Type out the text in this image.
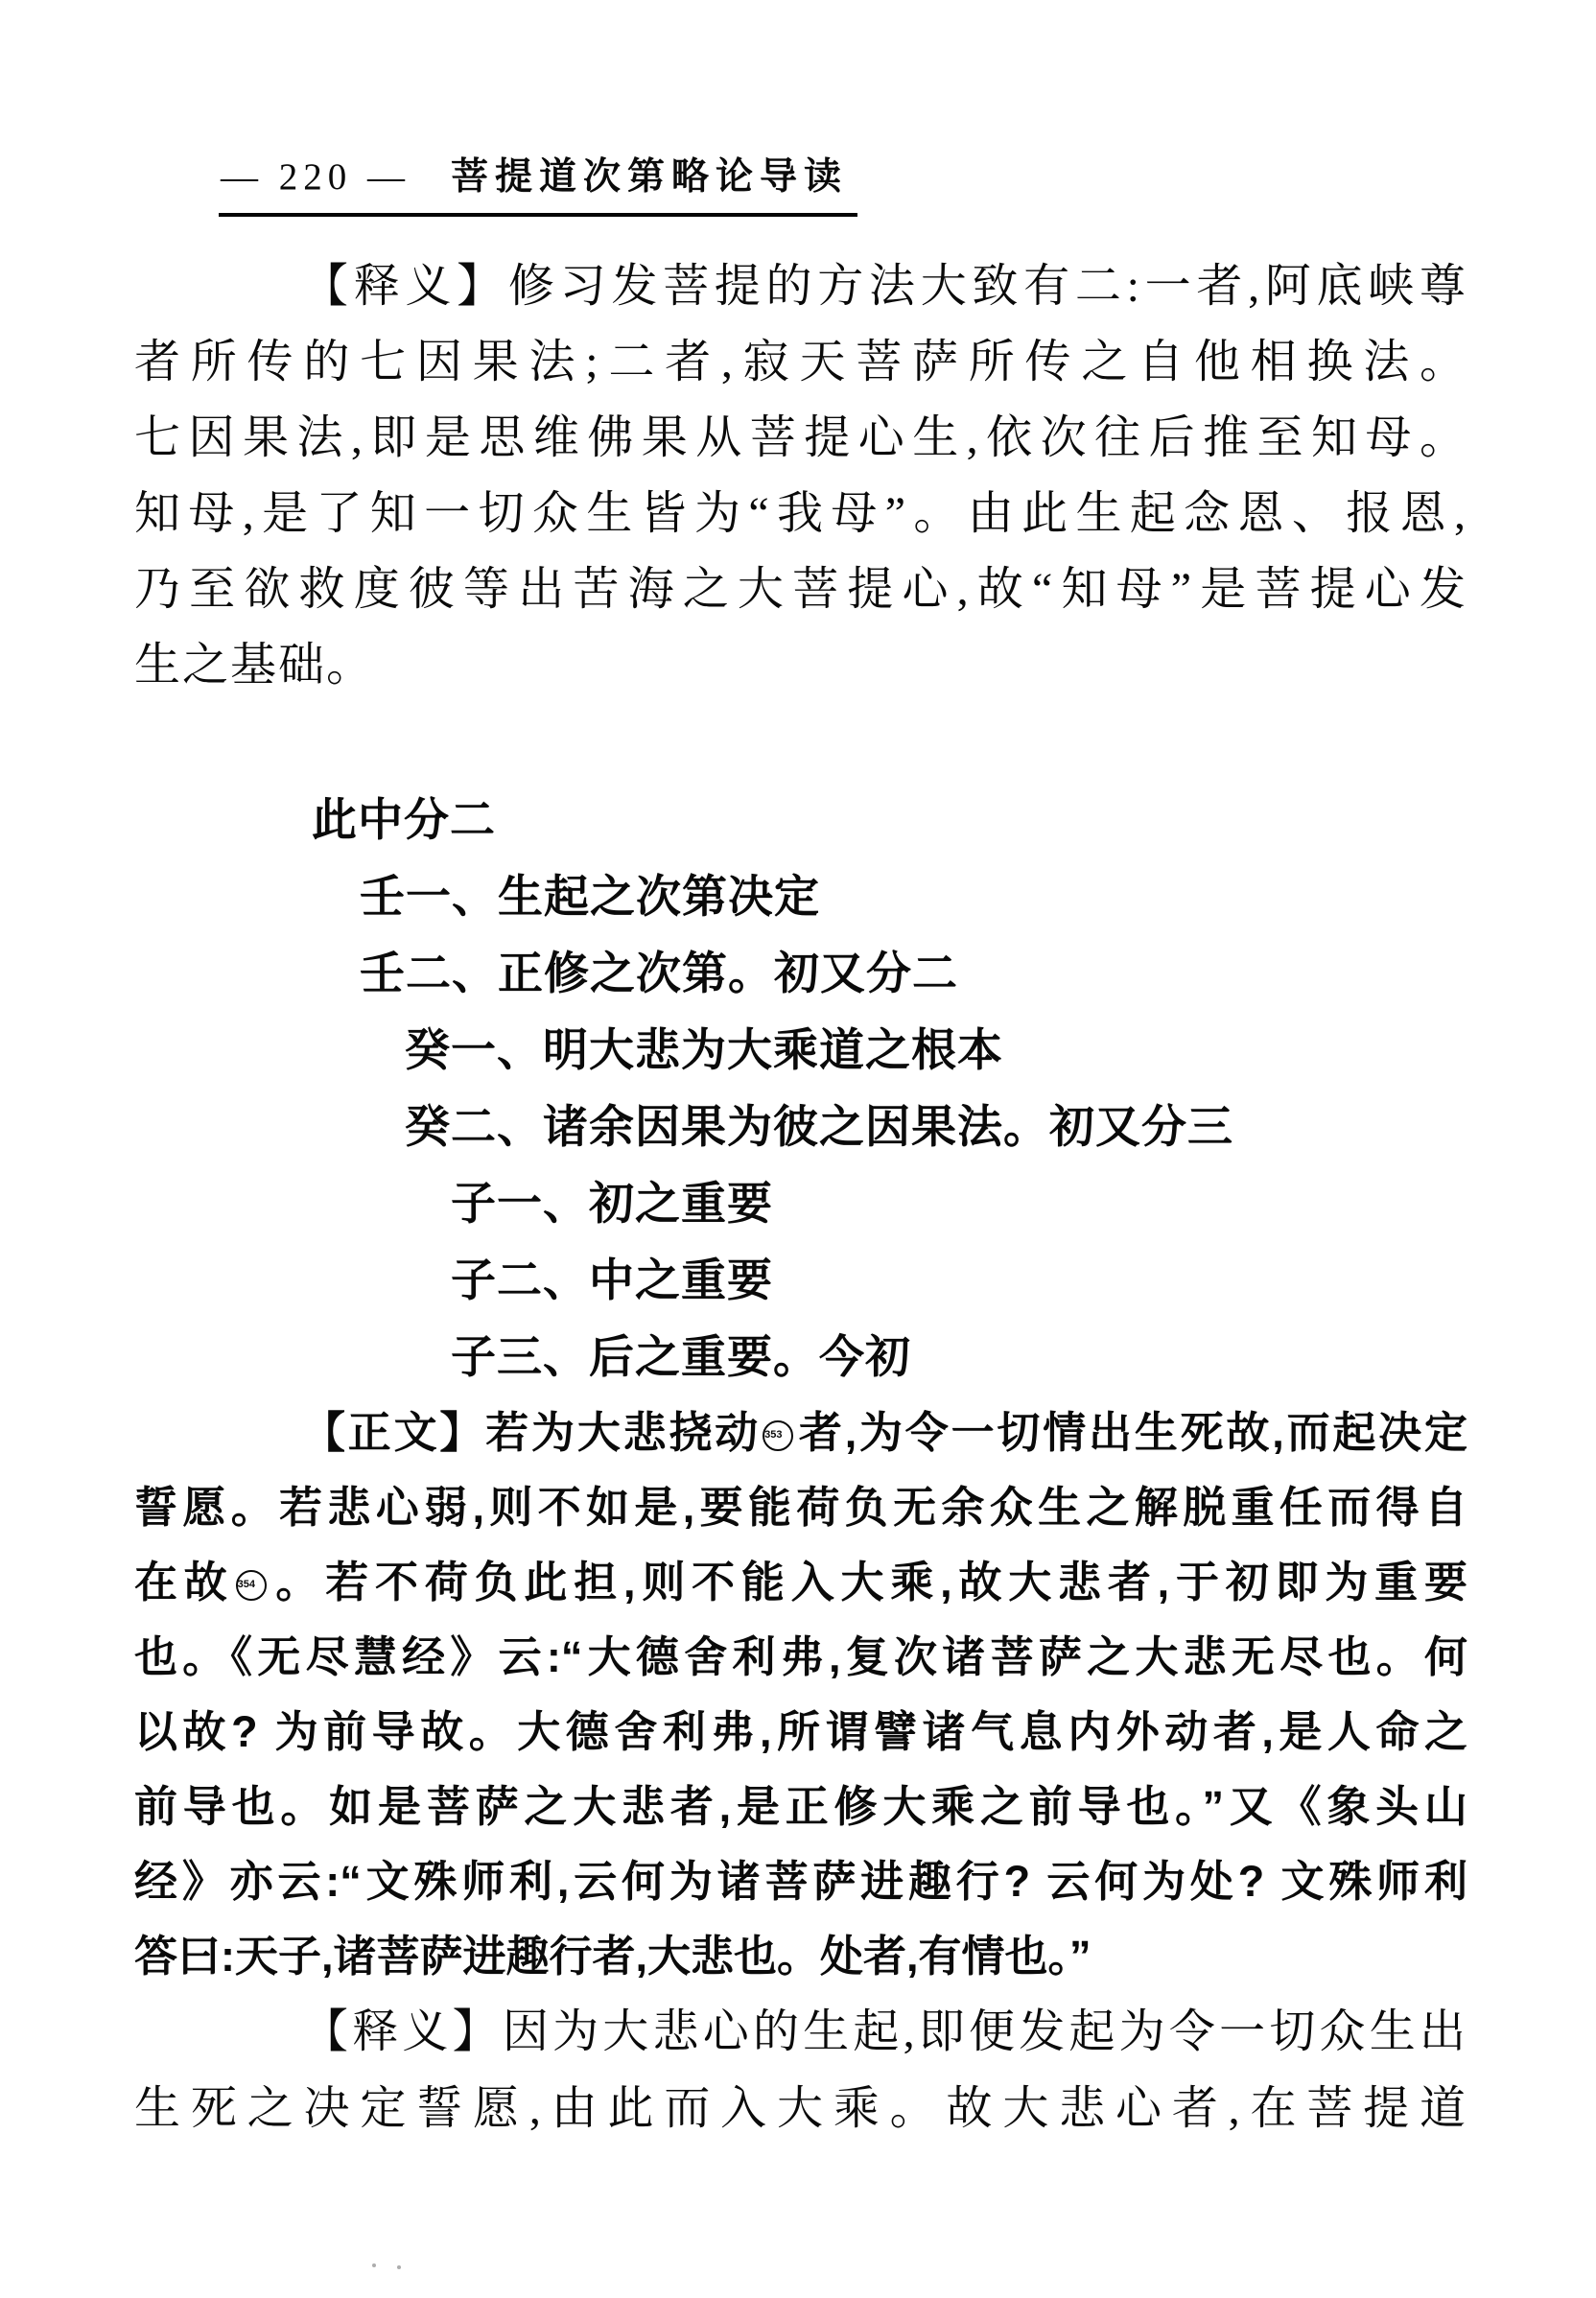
— 220 — 菩提道次第略论导读
【释义】修习发菩提的方法大致有二:一者,阿底峡尊
者所传的七因果法;二者,寂天菩萨所传之自他相换法。
七因果法,即是思维佛果从菩提心生,依次往后推至知母。
知母,是了知一切众生皆为“我母”。由此生起念恩、报恩,
乃至欲救度彼等出苦海之大菩提心,故“知母”是菩提心发
生之基础。
此中分二
壬一、生起之次第决定
壬二、正修之次第。初又分二
癸一、明大悲为大乘道之根本
癸二、诸余因果为彼之因果法。初又分三
子一、初之重要
子二、中之重要
子三、后之重要。今初
【正文】若为大悲挠动 353 者,为令一切情出生死故,而起决定
誓愿。若悲心弱,则不如是,要能荷负无余众生之解脱重任而得自
在故 354 。若不荷负此担,则不能入大乘,故大悲者,于初即为重要
也。《无尽慧经》云:“大德舍利弗,复次诸菩萨之大悲无尽也。何
以故? 为前导故。大德舍利弗,所谓譬诸气息内外动者,是人命之
前导也。如是菩萨之大悲者,是正修大乘之前导也。”又《象头山
经》亦云:“文殊师利,云何为诸菩萨进趣行? 云何为处? 文殊师利
答曰:天子,诸菩萨进趣行者,大悲也。处者,有情也。”
【释义】因为大悲心的生起,即便发起为令一切众生出
生死之决定誓愿,由此而入大乘。故大悲心者,在菩提道
